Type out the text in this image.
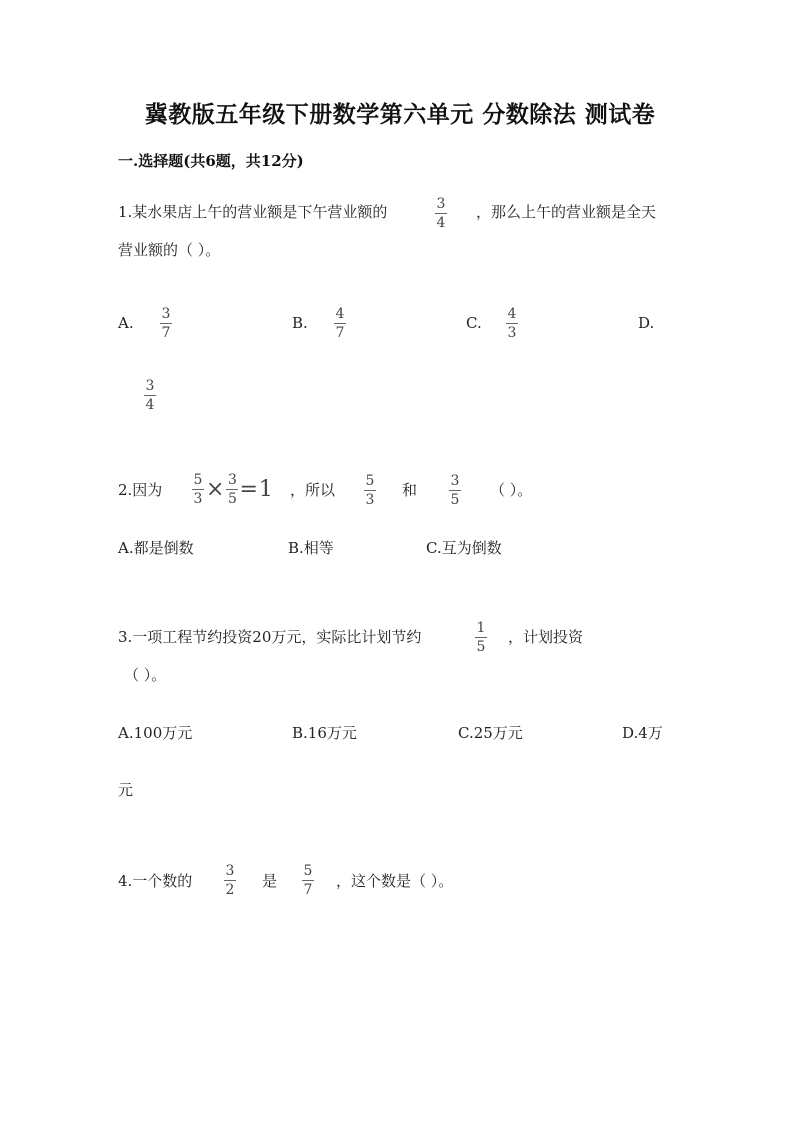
冀教版五年级下册数学第六单元 分数除法 测试卷
一.选择题(共6题，共12分)
1.某水果店上午的营业额是下午营业额的	3
4
，那么上午的营业额是全天
营业额的（ ）。
A. 3
7
B. 4
7
C. 4
3
D.
3
4
2.因为 $\frac{5}{3} \times \frac{3}{5} = 1$ ，所以 5
3
和 3
5
（ ）。
A.都是倒数	B.相等	C.互为倒数
3.一项工程节约投资20万元，实际比计划节约	1
5
，计划投资
（ ）。
A.100万元	B.16万元	C.25万元	D.4万
元
4.一个数的
3
2 是
5
7 ，这个数是（ ）。
